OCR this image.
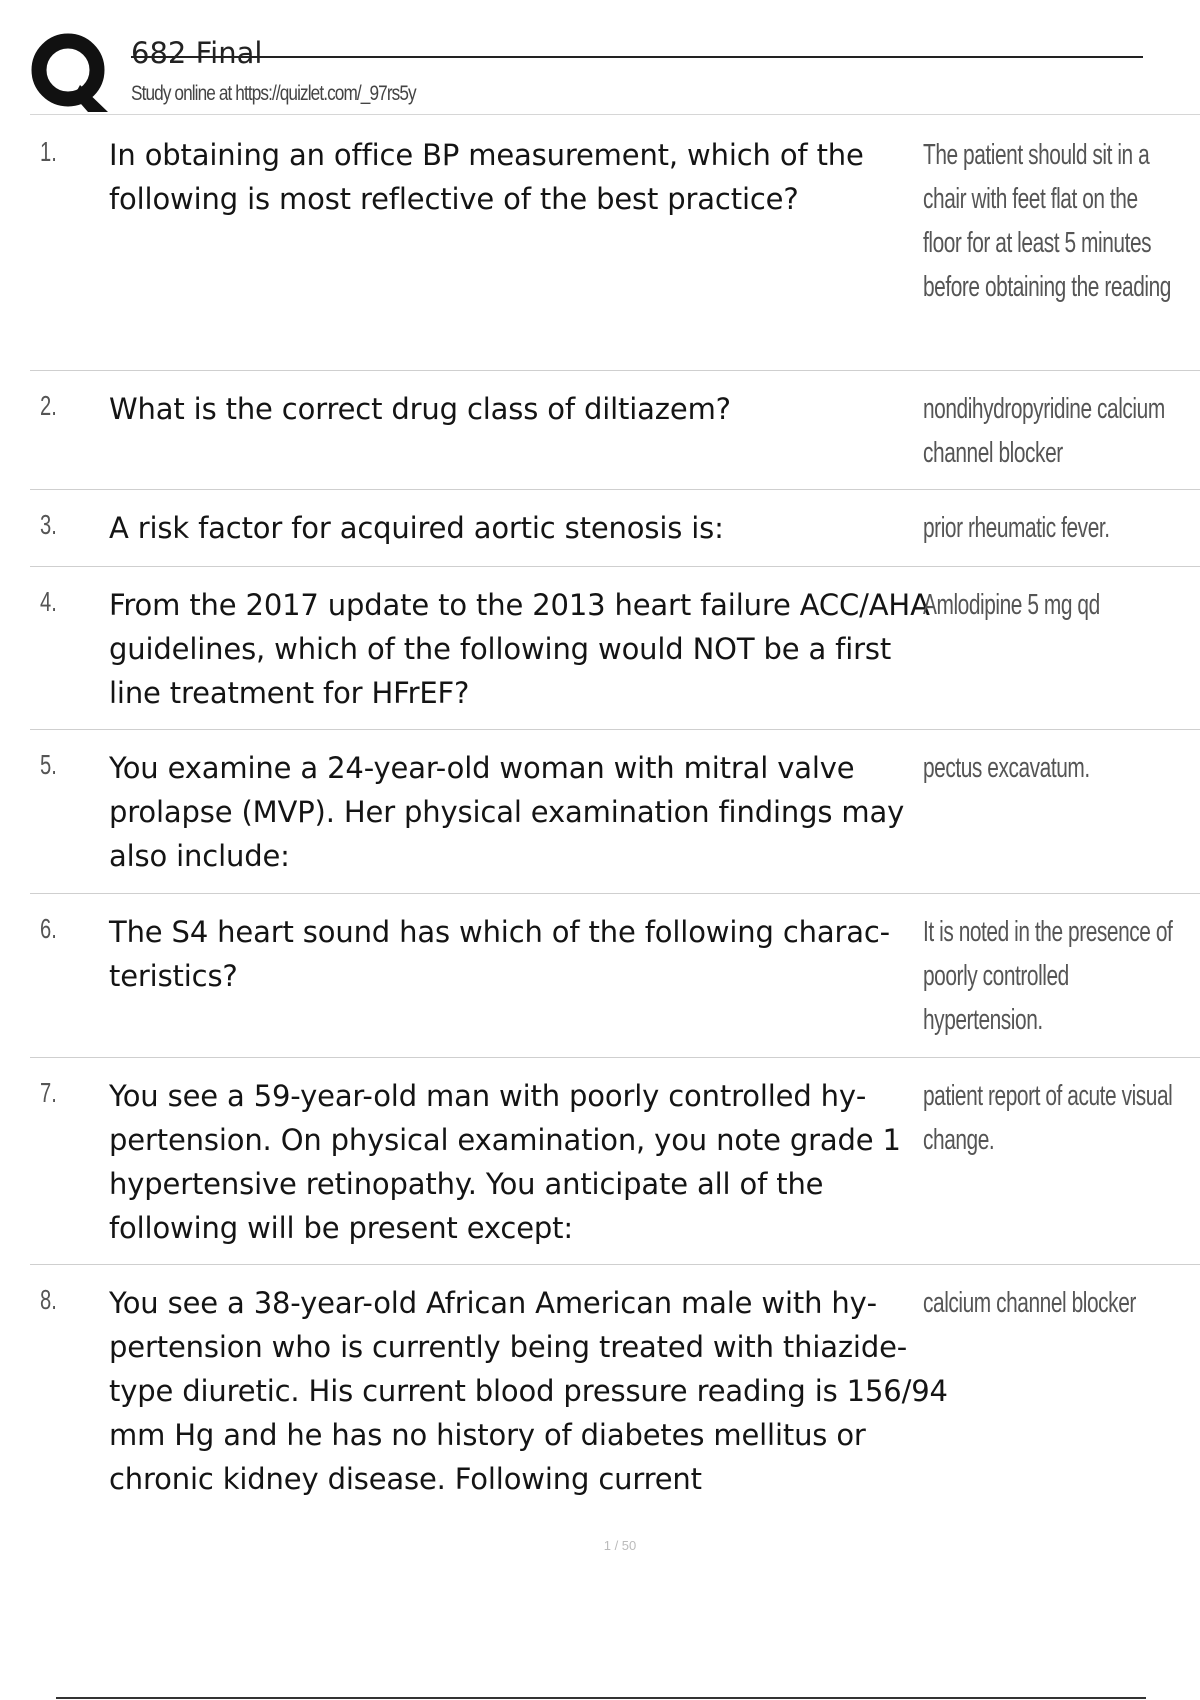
682 Final
Study online at https://quizlet.com/_97rs5y
1. In obtaining an office BP measurement, which of the following is most reflective of the best practice?
The patient should sit in a chair with feet flat on the floor for at least 5 minutes before obtaining the reading
2. What is the correct drug class of diltiazem?	nondihydropyridine calcium channel blocker
3. A risk factor for acquired aortic stenosis is:	prior rheumatic fever.
4. From the 2017 update to the 2013 heart failure ACC/AHA guidelines, which of the following would NOT be a first line treatment for HFrEF?
Amlodipine 5 mg qd
5. You examine a 24-year-old woman with mitral valve prolapse (MVP). Her physical examination findings may also include:
pectus excavatum.
6. The S4 heart sound has which of the following characteristics?
It is noted in the presence of poorly controlled hypertension.
7. You see a 59-year-old man with poorly controlled hypertension. On physical examination, you note grade 1 hypertensive retinopathy. You anticipate all of the following will be present except:
patient report of acute visual change.
8. You see a 38-year-old African American male with hypertension who is currently being treated with thiazide-type diuretic. His current blood pressure reading is 156/94 mm Hg and he has no history of diabetes mellitus or chronic kidney disease. Following current
calcium channel blocker
1 / 50
